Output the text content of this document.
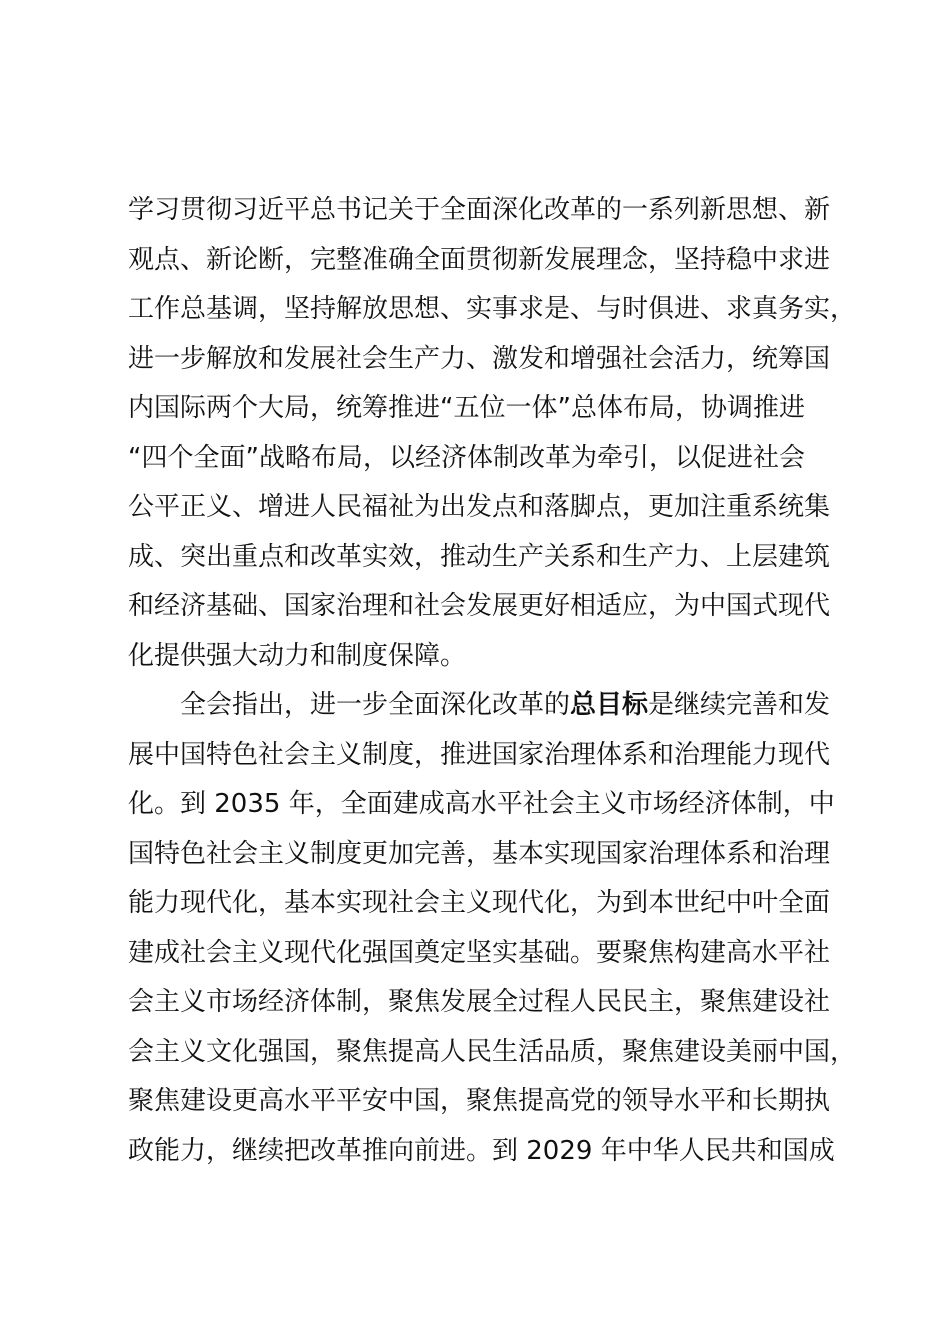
学习贯彻习近平总书记关于全面深化改革的一系列新思想、新
观点、新论断，完整准确全面贯彻新发展理念，坚持稳中求进
工作总基调，坚持解放思想、实事求是、与时俱进、求真务实，
进一步解放和发展社会生产力、激发和增强社会活力，统筹国
内国际两个大局，统筹推进“五位一体”总体布局，协调推进
“四个全面”战略布局，以经济体制改革为牵引，以促进社会
公平正义、增进人民福祉为出发点和落脚点，更加注重系统集
成、突出重点和改革实效，推动生产关系和生产力、上层建筑
和经济基础、国家治理和社会发展更好相适应，为中国式现代
化提供强大动力和制度保障。
全会指出，进一步全面深化改革的总目标是继续完善和发
展中国特色社会主义制度，推进国家治理体系和治理能力现代
化。到 2035 年，全面建成高水平社会主义市场经济体制，中
国特色社会主义制度更加完善，基本实现国家治理体系和治理
能力现代化，基本实现社会主义现代化，为到本世纪中叶全面
建成社会主义现代化强国奠定坚实基础。要聚焦构建高水平社
会主义市场经济体制，聚焦发展全过程人民民主，聚焦建设社
会主义文化强国，聚焦提高人民生活品质，聚焦建设美丽中国，
聚焦建设更高水平平安中国，聚焦提高党的领导水平和长期执
政能力，继续把改革推向前进。到 2029 年中华人民共和国成
